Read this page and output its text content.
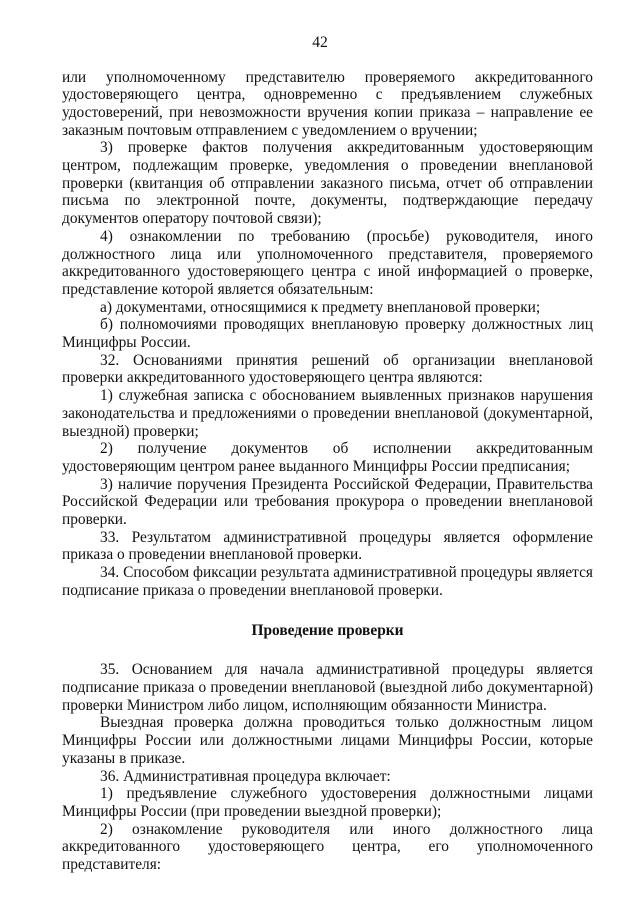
42

или уполномоченному представителю проверяемого аккредитованного удостоверяющего центра, одновременно с предъявлением служебных удостоверений, при невозможности вручения копии приказа – направление ее заказным почтовым отправлением с уведомлением о вручении;

3) проверке фактов получения аккредитованным удостоверяющим центром, подлежащим проверке, уведомления о проведении внеплановой проверки (квитанция об отправлении заказного письма, отчет об отправлении письма по электронной почте, документы, подтверждающие передачу документов оператору почтовой связи);

4) ознакомлении по требованию (просьбе) руководителя, иного должностного лица или уполномоченного представителя, проверяемого аккредитованного удостоверяющего центра с иной информацией о проверке, представление которой является обязательным:

а) документами, относящимися к предмету внеплановой проверки;

б) полномочиями проводящих внеплановую проверку должностных лиц Минцифры России.

32. Основаниями принятия решений об организации внеплановой проверки аккредитованного удостоверяющего центра являются:

1) служебная записка с обоснованием выявленных признаков нарушения законодательства и предложениями о проведении внеплановой (документарной, выездной) проверки;

2) получение документов об исполнении аккредитованным удостоверяющим центром ранее выданного Минцифры России предписания;

3) наличие поручения Президента Российской Федерации, Правительства Российской Федерации или требования прокурора о проведении внеплановой проверки.

33. Результатом административной процедуры является оформление приказа о проведении внеплановой проверки.

34. Способом фиксации результата административной процедуры является подписание приказа о проведении внеплановой проверки.

Проведение проверки

35. Основанием для начала административной процедуры является подписание приказа о проведении внеплановой (выездной либо документарной) проверки Министром либо лицом, исполняющим обязанности Министра.

Выездная проверка должна проводиться только должностным лицом Минцифры России или должностными лицами Минцифры России, которые указаны в приказе.

36. Административная процедура включает:

1) предъявление служебного удостоверения должностными лицами Минцифры России (при проведении выездной проверки);

2) ознакомление руководителя или иного должностного лица аккредитованного удостоверяющего центра, его уполномоченного представителя:
